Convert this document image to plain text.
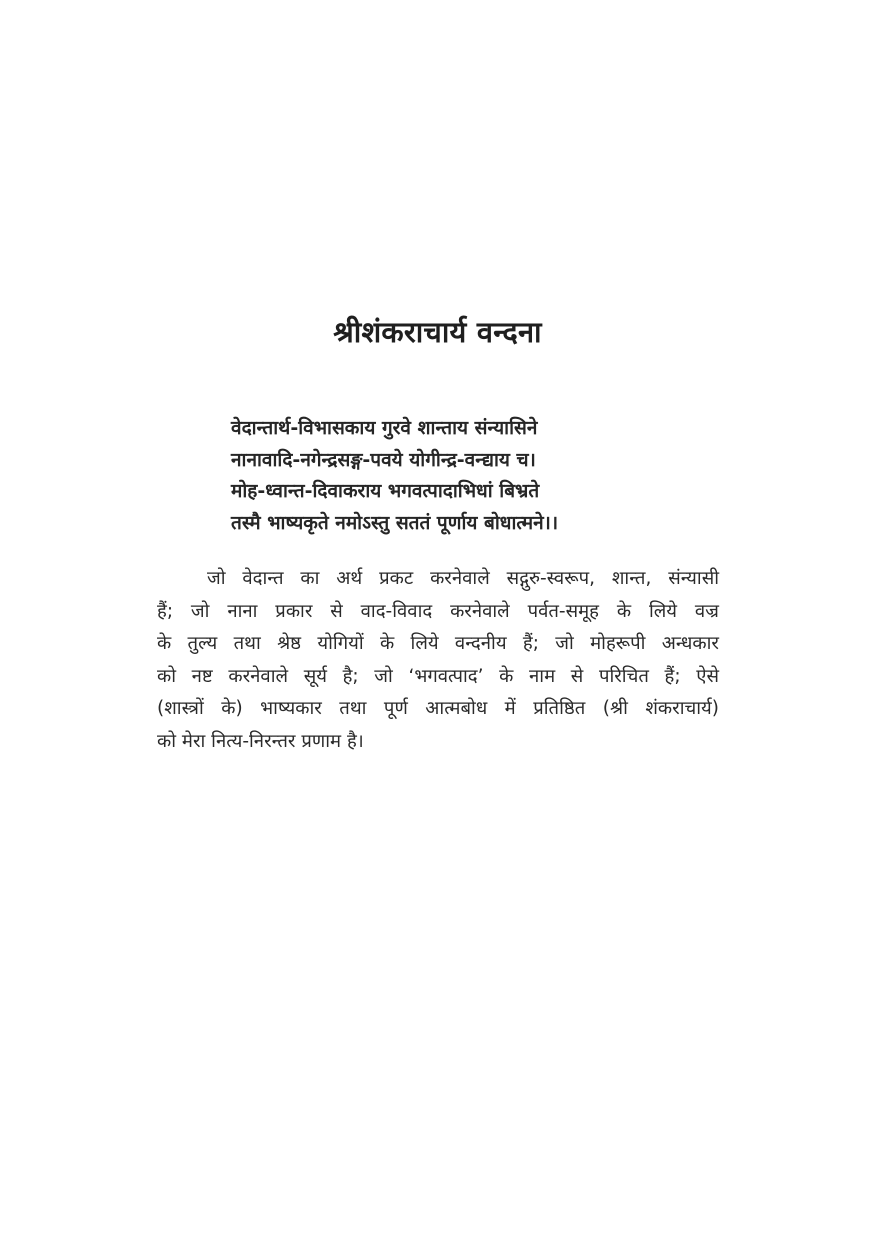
श्रीशंकराचार्य वन्दना
वेदान्तार्थ-विभासकाय गुरवे शान्ताय संन्यासिने
नानावादि-नगेन्द्रसङ्ग-पवये योगीन्द्र-वन्द्याय च।
मोह-ध्वान्त-दिवाकराय भगवत्पादाभिधां बिभ्रते
तस्मै भाष्यकृते नमोऽस्तु सततं पूर्णाय बोधात्मने।।
जो वेदान्त का अर्थ प्रकट करनेवाले सद्गुरु-स्वरूप, शान्त, संन्यासी
हैं; जो नाना प्रकार से वाद-विवाद करनेवाले पर्वत-समूह के लिये वज्र
के तुल्य तथा श्रेष्ठ योगियों के लिये वन्दनीय हैं; जो मोहरूपी अन्धकार
को नष्ट करनेवाले सूर्य है; जो ‘भगवत्पाद’ के नाम से परिचित हैं; ऐसे
(शास्त्रों के) भाष्यकार तथा पूर्ण आत्मबोध में प्रतिष्ठित (श्री शंकराचार्य)
को मेरा नित्य-निरन्तर प्रणाम है।
